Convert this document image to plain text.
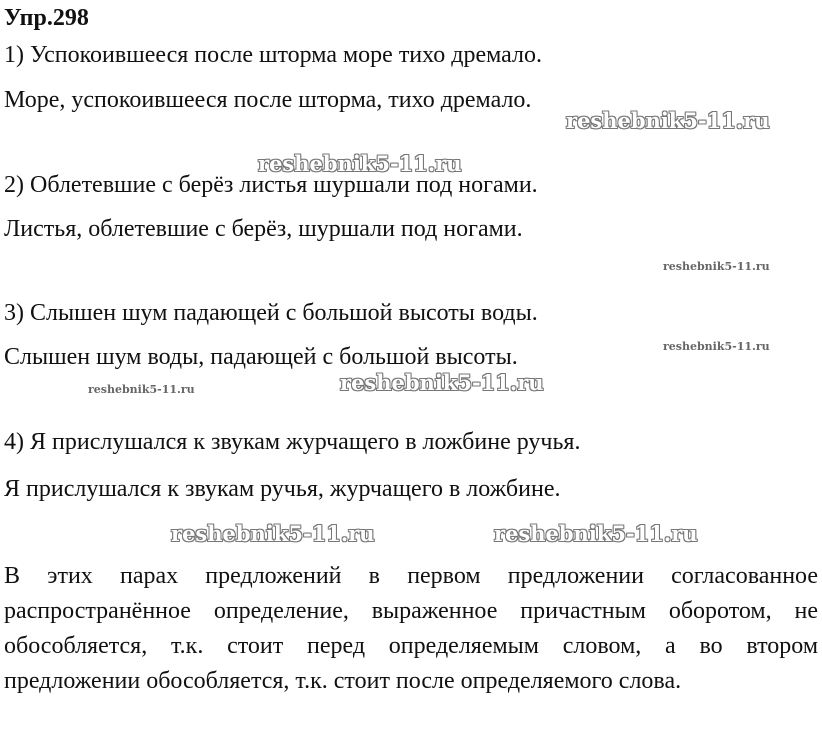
Упр.298
1) Успокоившееся после шторма море тихо дремало.
Море, успокоившееся после шторма, тихо дремало.
reshebnik5-11.ru
reshebnik5-11.ru
2) Облетевшие с берёз листья шуршали под ногами.
Листья, облетевшие с берёз, шуршали под ногами.
reshebnik5-11.ru
3) Слышен шум падающей с большой высоты воды.
reshebnik5-11.ru
Слышен шум воды, падающей с большой высоты.
reshebnik5-11.ru	reshebnik5-11.ru
4) Я прислушался к звукам журчащего в ложбине ручья.
Я прислушался к звукам ручья, журчащего в ложбине.
reshebnik5-11.ru	reshebnik5-11.ru
В этих парах предложений в первом предложении согласованное распространённое определение, выраженное причастным оборотом, не обособляется, т.к. стоит перед определяемым словом, а во втором предложении обособляется, т.к. стоит после определяемого слова.
